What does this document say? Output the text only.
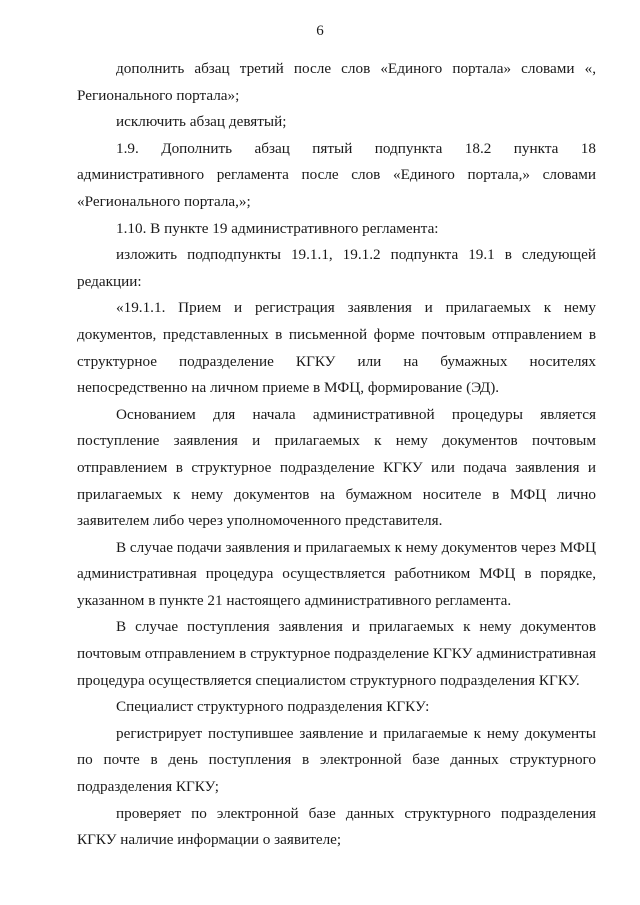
6

дополнить абзац третий после слов «Единого портала» словами «, Регионального портала»;

исключить абзац девятый;

1.9. Дополнить абзац пятый подпункта 18.2 пункта 18 административного регламента после слов «Единого портала,» словами «Регионального портала,»;

1.10. В пункте 19 административного регламента:

изложить подподпункты 19.1.1, 19.1.2 подпункта 19.1 в следующей редакции:

«19.1.1. Прием и регистрация заявления и прилагаемых к нему документов, представленных в письменной форме почтовым отправлением в структурное подразделение КГКУ или на бумажных носителях непосредственно на личном приеме в МФЦ, формирование (ЭД).

Основанием для начала административной процедуры является поступление заявления и прилагаемых к нему документов почтовым отправлением в структурное подразделение КГКУ или подача заявления и прилагаемых к нему документов на бумажном носителе в МФЦ лично заявителем либо через уполномоченного представителя.

В случае подачи заявления и прилагаемых к нему документов через МФЦ административная процедура осуществляется работником МФЦ в порядке, указанном в пункте 21 настоящего административного регламента.

В случае поступления заявления и прилагаемых к нему документов почтовым отправлением в структурное подразделение КГКУ административная процедура осуществляется специалистом структурного подразделения КГКУ.

Специалист структурного подразделения КГКУ:

регистрирует поступившее заявление и прилагаемые к нему документы по почте в день поступления в электронной базе данных структурного подразделения КГКУ;

проверяет по электронной базе данных структурного подразделения КГКУ наличие информации о заявителе;
